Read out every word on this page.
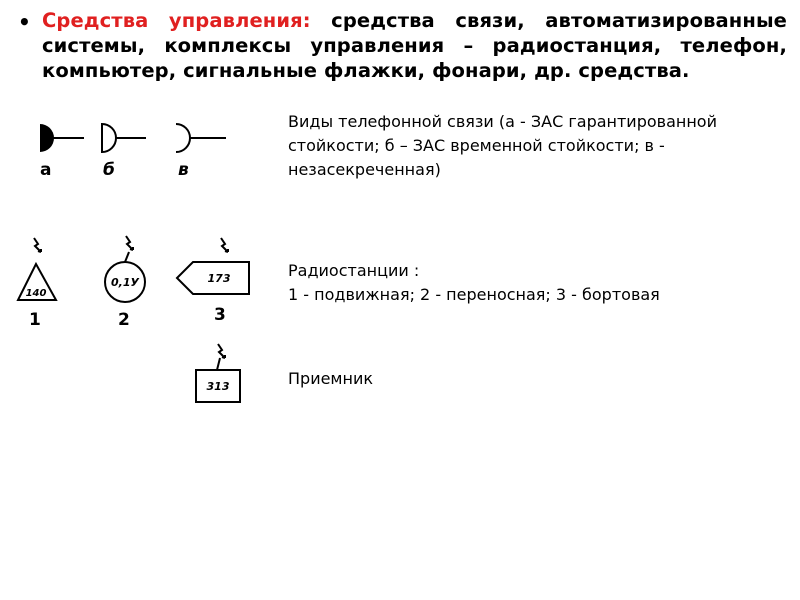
• Средства управления: средства связи, автоматизированные системы, комплексы управления – радиостанция, телефон, компьютер, сигнальные флажки, фонари, др. средства.
а	б	в
Виды телефонной связи (а - ЗАС гарантированной стойкости; б – ЗАС временной стойкости; в - незасекреченная)
140
0,1У	173
1	2	3
Радиостанции :
1 - подвижная; 2 - переносная; 3 - бортовая
313	Приемник
